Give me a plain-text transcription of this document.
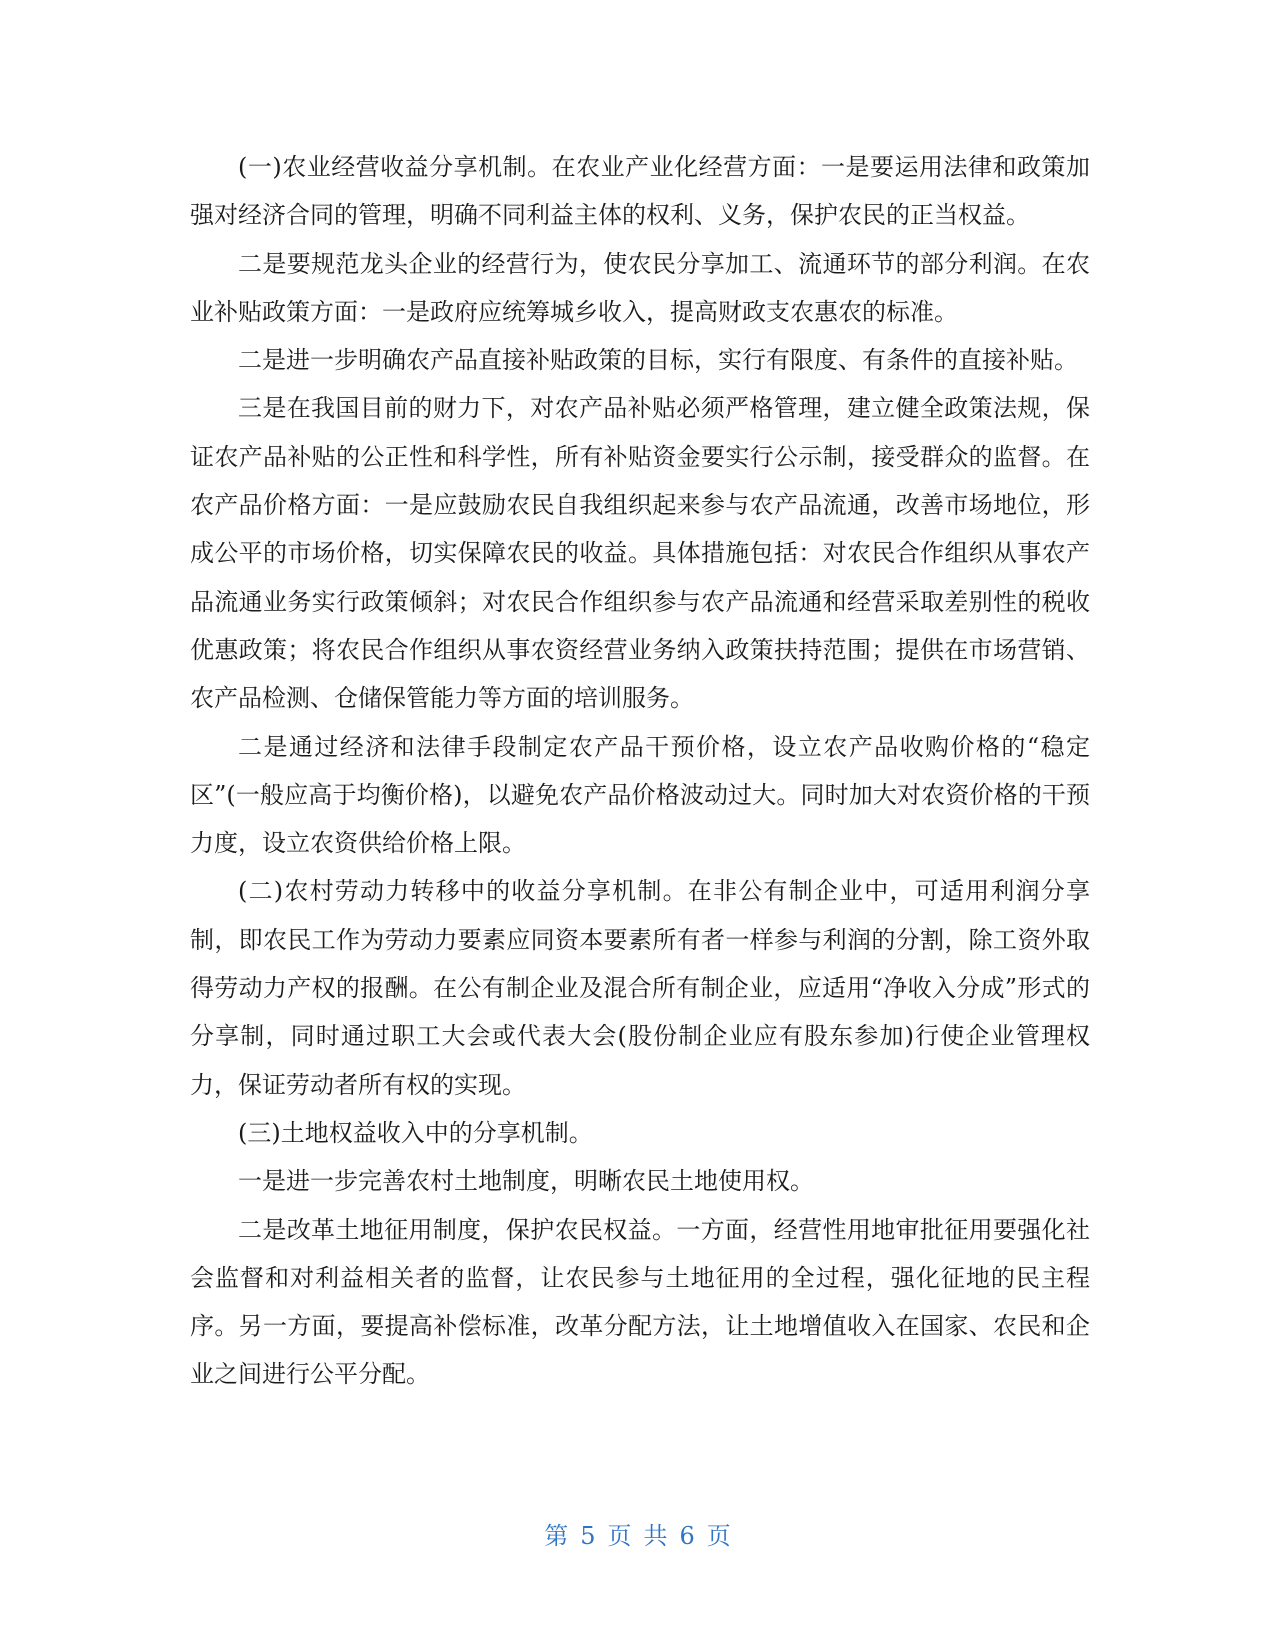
(一)农业经营收益分享机制。在农业产业化经营方面：一是要运用法律和政策加强对经济合同的管理，明确不同利益主体的权利、义务，保护农民的正当权益。

二是要规范龙头企业的经营行为，使农民分享加工、流通环节的部分利润。在农业补贴政策方面：一是政府应统筹城乡收入，提高财政支农惠农的标准。

二是进一步明确农产品直接补贴政策的目标，实行有限度、有条件的直接补贴。

三是在我国目前的财力下，对农产品补贴必须严格管理，建立健全政策法规，保证农产品补贴的公正性和科学性，所有补贴资金要实行公示制，接受群众的监督。在农产品价格方面：一是应鼓励农民自我组织起来参与农产品流通，改善市场地位，形成公平的市场价格，切实保障农民的收益。具体措施包括：对农民合作组织从事农产品流通业务实行政策倾斜；对农民合作组织参与农产品流通和经营采取差别性的税收优惠政策；将农民合作组织从事农资经营业务纳入政策扶持范围；提供在市场营销、农产品检测、仓储保管能力等方面的培训服务。

二是通过经济和法律手段制定农产品干预价格，设立农产品收购价格的“稳定区”(一般应高于均衡价格)，以避免农产品价格波动过大。同时加大对农资价格的干预力度，设立农资供给价格上限。

(二)农村劳动力转移中的收益分享机制。在非公有制企业中，可适用利润分享制，即农民工作为劳动力要素应同资本要素所有者一样参与利润的分割，除工资外取得劳动力产权的报酬。在公有制企业及混合所有制企业，应适用“净收入分成”形式的分享制，同时通过职工大会或代表大会(股份制企业应有股东参加)行使企业管理权力，保证劳动者所有权的实现。

(三)土地权益收入中的分享机制。

一是进一步完善农村土地制度，明晰农民土地使用权。

二是改革土地征用制度，保护农民权益。一方面，经营性用地审批征用要强化社会监督和对利益相关者的监督，让农民参与土地征用的全过程，强化征地的民主程序。另一方面，要提高补偿标准，改革分配方法，让土地增值收入在国家、农民和企业之间进行公平分配。

第 5 页 共 6 页
